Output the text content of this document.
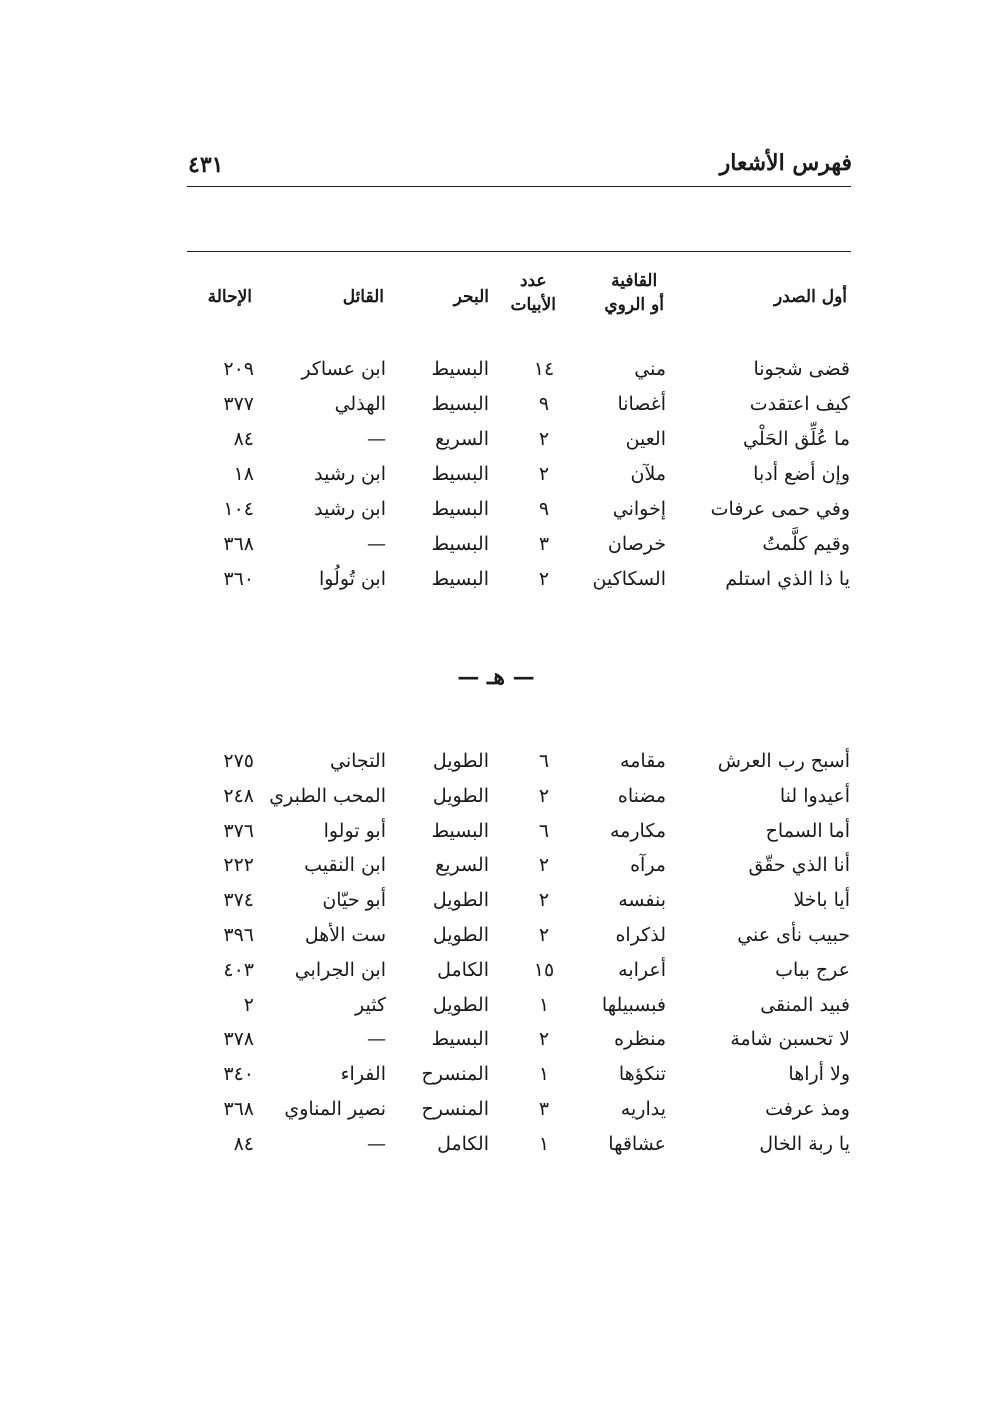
فهرس الأشعار
٤٣١
أول الصدر
القافية
أو الروي
عدد
الأبيات
البحر
القائل
الإحالة
قضى شجونا
مني
١٤
البسيط
ابن عساكر
٢٠٩
كيف اعتقدت
أغصانا
٩
البسيط
الهذلي
٣٧٧
ما عُلِّق الحَلْي
العين
٢
السريع
—
٨٤
وإن أضع أدبا
ملآن
٢
البسيط
ابن رشيد
١٨
وفي حمى عرفات
إخواني
٩
البسيط
ابن رشيد
١٠٤
وقيم كلَّمتُ
خرصان
٣
البسيط
—
٣٦٨
يا ذا الذي استلم
السكاكين
٢
البسيط
ابن تُولُوا
٣٦٠
— هـ —
أسبح رب العرش
مقامه
٦
الطويل
التجاني
٢٧٥
أعيدوا لنا
مضناه
٢
الطويل
المحب الطبري
٢٤٨
أما السماح
مكارمه
٦
البسيط
أبو تولوا
٣٧٦
أنا الذي حقّق
مرآه
٢
السريع
ابن النقيب
٢٢٢
أيا باخلا
بنفسه
٢
الطويل
أبو حيّان
٣٧٤
حبيب نأى عني
لذكراه
٢
الطويل
ست الأهل
٣٩٦
عرج بباب
أعرابه
١٥
الكامل
ابن الجرابي
٤٠٣
فبيد المنقى
فبسبيلها
١
الطويل
كثير
٢
لا تحسبن شامة
منظره
٢
البسيط
—
٣٧٨
ولا أراها
تنكؤها
١
المنسرح
الفراء
٣٤٠
ومذ عرفت
يداريه
٣
المنسرح
نصير المناوي
٣٦٨
يا ربة الخال
عشاقها
١
الكامل
—
٨٤
